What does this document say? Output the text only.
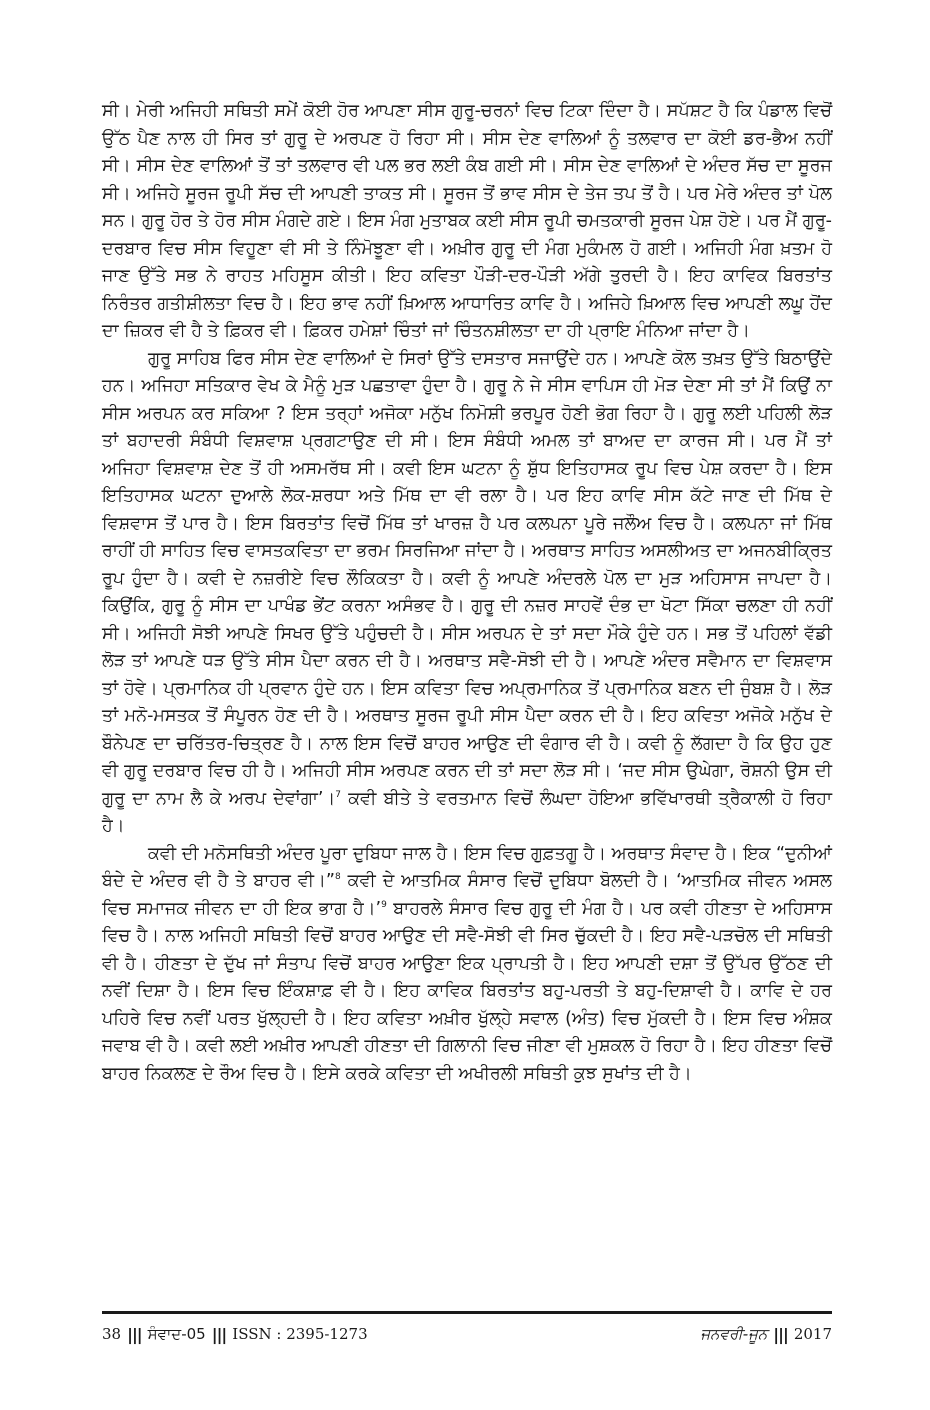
ਸੀ। ਮੇਰੀ ਅਜਿਹੀ ਸਥਿਤੀ ਸਮੇਂ ਕੋਈ ਹੋਰ ਆਪਣਾ ਸੀਸ ਗੁਰੂ-ਚਰਨਾਂ ਵਿਚ ਟਿਕਾ ਦਿੰਦਾ ਹੈ। ਸਪੱਸ਼ਟ ਹੈ ਕਿ ਪੰਡਾਲ ਵਿਚੋਂ ਉੱਠ ਪੈਣ ਨਾਲ ਹੀ ਸਿਰ ਤਾਂ ਗੁਰੂ ਦੇ ਅਰਪਣ ਹੋ ਰਿਹਾ ਸੀ। ਸੀਸ ਦੇਣ ਵਾਲਿਆਂ ਨੂੰ ਤਲਵਾਰ ਦਾ ਕੋਈ ਡਰ-ਭੈਅ ਨਹੀਂ ਸੀ। ਸੀਸ ਦੇਣ ਵਾਲਿਆਂ ਤੋਂ ਤਾਂ ਤਲਵਾਰ ਵੀ ਪਲ ਭਰ ਲਈ ਕੰਬ ਗਈ ਸੀ। ਸੀਸ ਦੇਣ ਵਾਲਿਆਂ ਦੇ ਅੰਦਰ ਸੱਚ ਦਾ ਸੂਰਜ ਸੀ। ਅਜਿਹੇ ਸੂਰਜ ਰੂਪੀ ਸੱਚ ਦੀ ਆਪਣੀ ਤਾਕਤ ਸੀ। ਸੂਰਜ ਤੋਂ ਭਾਵ ਸੀਸ ਦੇ ਤੇਜ ਤਪ ਤੋਂ ਹੈ। ਪਰ ਮੇਰੇ ਅੰਦਰ ਤਾਂ ਪੋਲ ਸਨ। ਗੁਰੂ ਹੋਰ ਤੇ ਹੋਰ ਸੀਸ ਮੰਗਦੇ ਗਏ। ਇਸ ਮੰਗ ਮੁਤਾਬਕ ਕਈ ਸੀਸ ਰੂਪੀ ਚਮਤਕਾਰੀ ਸੂਰਜ ਪੇਸ਼ ਹੋਏ। ਪਰ ਮੈਂ ਗੁਰੂ-ਦਰਬਾਰ ਵਿਚ ਸੀਸ ਵਿਹੂਣਾ ਵੀ ਸੀ ਤੇ ਨਿੰਮੋਝੂਣਾ ਵੀ। ਅਖ਼ੀਰ ਗੁਰੂ ਦੀ ਮੰਗ ਮੁਕੰਮਲ ਹੋ ਗਈ। ਅਜਿਹੀ ਮੰਗ ਖ਼ਤਮ ਹੋ ਜਾਣ ਉੱਤੇ ਸਭ ਨੇ ਰਾਹਤ ਮਹਿਸੂਸ ਕੀਤੀ। ਇਹ ਕਵਿਤਾ ਪੌੜੀ-ਦਰ-ਪੌੜੀ ਅੱਗੇ ਤੁਰਦੀ ਹੈ। ਇਹ ਕਾਵਿਕ ਬਿਰਤਾਂਤ ਨਿਰੰਤਰ ਗਤੀਸ਼ੀਲਤਾ ਵਿਚ ਹੈ। ਇਹ ਭਾਵ ਨਹੀਂ ਖ਼ਿਆਲ ਆਧਾਰਿਤ ਕਾਵਿ ਹੈ। ਅਜਿਹੇ ਖ਼ਿਆਲ ਵਿਚ ਆਪਣੀ ਲਘੂ ਹੋਂਦ ਦਾ ਜ਼ਿਕਰ ਵੀ ਹੈ ਤੇ ਫ਼ਿਕਰ ਵੀ। ਫ਼ਿਕਰ ਹਮੇਸ਼ਾਂ ਚਿੰਤਾਂ ਜਾਂ ਚਿੰਤਨਸ਼ੀਲਤਾ ਦਾ ਹੀ ਪ੍ਰਾਇ ਮੰਨਿਆ ਜਾਂਦਾ ਹੈ।

ਗੁਰੂ ਸਾਹਿਬ ਫਿਰ ਸੀਸ ਦੇਣ ਵਾਲਿਆਂ ਦੇ ਸਿਰਾਂ ਉੱਤੇ ਦਸਤਾਰ ਸਜਾਉਂਦੇ ਹਨ। ਆਪਣੇ ਕੋਲ ਤਖ਼ਤ ਉੱਤੇ ਬਿਠਾਉਂਦੇ ਹਨ। ਅਜਿਹਾ ਸਤਿਕਾਰ ਵੇਖ ਕੇ ਮੈਨੂੰ ਮੁੜ ਪਛਤਾਵਾ ਹੁੰਦਾ ਹੈ। ਗੁਰੂ ਨੇ ਜੇ ਸੀਸ ਵਾਪਿਸ ਹੀ ਮੋੜ ਦੇਣਾ ਸੀ ਤਾਂ ਮੈਂ ਕਿਉਂ ਨਾ ਸੀਸ ਅਰਪਨ ਕਰ ਸਕਿਆ ? ਇਸ ਤਰ੍ਹਾਂ ਅਜੋਕਾ ਮਨੁੱਖ ਨਿਮੋਸ਼ੀ ਭਰਪੂਰ ਹੋਣੀ ਭੋਗ ਰਿਹਾ ਹੈ। ਗੁਰੂ ਲਈ ਪਹਿਲੀ ਲੋੜ ਤਾਂ ਬਹਾਦਰੀ ਸੰਬੰਧੀ ਵਿਸ਼ਵਾਸ਼ ਪ੍ਰਗਟਾਉਣ ਦੀ ਸੀ। ਇਸ ਸੰਬੰਧੀ ਅਮਲ ਤਾਂ ਬਾਅਦ ਦਾ ਕਾਰਜ ਸੀ। ਪਰ ਮੈਂ ਤਾਂ ਅਜਿਹਾ ਵਿਸ਼ਵਾਸ਼ ਦੇਣ ਤੋਂ ਹੀ ਅਸਮਰੱਥ ਸੀ। ਕਵੀ ਇਸ ਘਟਨਾ ਨੂੰ ਸ਼ੁੱਧ ਇਤਿਹਾਸਕ ਰੂਪ ਵਿਚ ਪੇਸ਼ ਕਰਦਾ ਹੈ। ਇਸ ਇਤਿਹਾਸਕ ਘਟਨਾ ਦੁਆਲੇ ਲੋਕ-ਸ਼ਰਧਾ ਅਤੇ ਮਿੱਥ ਦਾ ਵੀ ਰਲਾ ਹੈ। ਪਰ ਇਹ ਕਾਵਿ ਸੀਸ ਕੱਟੇ ਜਾਣ ਦੀ ਮਿੱਥ ਦੇ ਵਿਸ਼ਵਾਸ ਤੋਂ ਪਾਰ ਹੈ। ਇਸ ਬਿਰਤਾਂਤ ਵਿਚੋਂ ਮਿੱਥ ਤਾਂ ਖਾਰਜ਼ ਹੈ ਪਰ ਕਲਪਨਾ ਪੂਰੇ ਜਲੌਅ ਵਿਚ ਹੈ। ਕਲਪਨਾ ਜਾਂ ਮਿੱਥ ਰਾਹੀਂ ਹੀ ਸਾਹਿਤ ਵਿਚ ਵਾਸਤਕਵਿਤਾ ਦਾ ਭਰਮ ਸਿਰਜਿਆ ਜਾਂਦਾ ਹੈ। ਅਰਥਾਤ ਸਾਹਿਤ ਅਸਲੀਅਤ ਦਾ ਅਜਨਬੀਕ੍ਰਿਤ ਰੂਪ ਹੁੰਦਾ ਹੈ। ਕਵੀ ਦੇ ਨਜ਼ਰੀਏ ਵਿਚ ਲੌਕਿਕਤਾ ਹੈ। ਕਵੀ ਨੂੰ ਆਪਣੇ ਅੰਦਰਲੇ ਪੋਲ ਦਾ ਮੁੜ ਅਹਿਸਾਸ ਜਾਪਦਾ ਹੈ। ਕਿਉਂਕਿ, ਗੁਰੂ ਨੂੰ ਸੀਸ ਦਾ ਪਾਖੰਡ ਭੇਂਟ ਕਰਨਾ ਅਸੰਭਵ ਹੈ। ਗੁਰੂ ਦੀ ਨਜ਼ਰ ਸਾਹਵੇਂ ਦੰਭ ਦਾ ਖੋਟਾ ਸਿੱਕਾ ਚਲਣਾ ਹੀ ਨਹੀਂ ਸੀ। ਅਜਿਹੀ ਸੋਝੀ ਆਪਣੇ ਸਿਖਰ ਉੱਤੇ ਪਹੁੰਚਦੀ ਹੈ। ਸੀਸ ਅਰਪਨ ਦੇ ਤਾਂ ਸਦਾ ਮੌਕੇ ਹੁੰਦੇ ਹਨ। ਸਭ ਤੋਂ ਪਹਿਲਾਂ ਵੱਡੀ ਲੋੜ ਤਾਂ ਆਪਣੇ ਧੜ ਉੱਤੇ ਸੀਸ ਪੈਦਾ ਕਰਨ ਦੀ ਹੈ। ਅਰਥਾਤ ਸਵੈ-ਸੋਝੀ ਦੀ ਹੈ। ਆਪਣੇ ਅੰਦਰ ਸਵੈਮਾਨ ਦਾ ਵਿਸ਼ਵਾਸ ਤਾਂ ਹੋਵੇ। ਪ੍ਰਮਾਨਿਕ ਹੀ ਪ੍ਰਵਾਨ ਹੁੰਦੇ ਹਨ। ਇਸ ਕਵਿਤਾ ਵਿਚ ਅਪ੍ਰਮਾਨਿਕ ਤੋਂ ਪ੍ਰਮਾਨਿਕ ਬਣਨ ਦੀ ਜੁੰਬਸ਼ ਹੈ। ਲੋੜ ਤਾਂ ਮਨੋ-ਮਸਤਕ ਤੋਂ ਸੰਪੂਰਨ ਹੋਣ ਦੀ ਹੈ। ਅਰਥਾਤ ਸੂਰਜ ਰੂਪੀ ਸੀਸ ਪੈਦਾ ਕਰਨ ਦੀ ਹੈ। ਇਹ ਕਵਿਤਾ ਅਜੋਕੇ ਮਨੁੱਖ ਦੇ ਬੌਨੇਪਣ ਦਾ ਚਰਿੱਤਰ-ਚਿਤ੍ਰਣ ਹੈ। ਨਾਲ ਇਸ ਵਿਚੋਂ ਬਾਹਰ ਆਉਣ ਦੀ ਵੰਗਾਰ ਵੀ ਹੈ। ਕਵੀ ਨੂੰ ਲੱਗਦਾ ਹੈ ਕਿ ਉਹ ਹੁਣ ਵੀ ਗੁਰੂ ਦਰਬਾਰ ਵਿਚ ਹੀ ਹੈ। ਅਜਿਹੀ ਸੀਸ ਅਰਪਣ ਕਰਨ ਦੀ ਤਾਂ ਸਦਾ ਲੋੜ ਸੀ। ‘ਜਦ ਸੀਸ ਉਘੇਗਾ, ਰੋਸ਼ਨੀ ਉਸ ਦੀ ਗੁਰੂ ਦਾ ਨਾਮ ਲੈ ਕੇ ਅਰਪ ਦੇਵਾਂਗਾ’।$^7$ ਕਵੀ ਬੀਤੇ ਤੇ ਵਰਤਮਾਨ ਵਿਚੋਂ ਲੰਘਦਾ ਹੋਇਆ ਭਵਿੱਖਾਰਥੀ ਤ੍ਰੈਕਾਲੀ ਹੋ ਰਿਹਾ ਹੈ।

ਕਵੀ ਦੀ ਮਨੋਸਥਿਤੀ ਅੰਦਰ ਪੂਰਾ ਦੁਬਿਧਾ ਜਾਲ ਹੈ। ਇਸ ਵਿਚ ਗੁਫ਼ਤਗੂ ਹੈ। ਅਰਥਾਤ ਸੰਵਾਦ ਹੈ। ਇਕ “ਦੁਨੀਆਂ ਬੰਦੇ ਦੇ ਅੰਦਰ ਵੀ ਹੈ ਤੇ ਬਾਹਰ ਵੀ।”$^8$ ਕਵੀ ਦੇ ਆਤਮਿਕ ਸੰਸਾਰ ਵਿਚੋਂ ਦੁਬਿਧਾ ਬੋਲਦੀ ਹੈ। ‘ਆਤਮਿਕ ਜੀਵਨ ਅਸਲ ਵਿਚ ਸਮਾਜਕ ਜੀਵਨ ਦਾ ਹੀ ਇਕ ਭਾਗ ਹੈ।’$^9$ ਬਾਹਰਲੇ ਸੰਸਾਰ ਵਿਚ ਗੁਰੂ ਦੀ ਮੰਗ ਹੈ। ਪਰ ਕਵੀ ਹੀਣਤਾ ਦੇ ਅਹਿਸਾਸ ਵਿਚ ਹੈ। ਨਾਲ ਅਜਿਹੀ ਸਥਿਤੀ ਵਿਚੋਂ ਬਾਹਰ ਆਉਣ ਦੀ ਸਵੈ-ਸੋਝੀ ਵੀ ਸਿਰ ਚੁੱਕਦੀ ਹੈ। ਇਹ ਸਵੈ-ਪੜਚੋਲ ਦੀ ਸਥਿਤੀ ਵੀ ਹੈ। ਹੀਣਤਾ ਦੇ ਦੁੱਖ ਜਾਂ ਸੰਤਾਪ ਵਿਚੋਂ ਬਾਹਰ ਆਉਣਾ ਇਕ ਪ੍ਰਾਪਤੀ ਹੈ। ਇਹ ਆਪਣੀ ਦਸ਼ਾ ਤੋਂ ਉੱਪਰ ਉੱਠਣ ਦੀ ਨਵੀਂ ਦਿਸ਼ਾ ਹੈ। ਇਸ ਵਿਚ ਇੰਕਸ਼ਾਫ਼ ਵੀ ਹੈ। ਇਹ ਕਾਵਿਕ ਬਿਰਤਾਂਤ ਬਹੁ-ਪਰਤੀ ਤੇ ਬਹੁ-ਦਿਸ਼ਾਵੀ ਹੈ। ਕਾਵਿ ਦੇ ਹਰ ਪਹਿਰੇ ਵਿਚ ਨਵੀਂ ਪਰਤ ਖੁੱਲ੍ਹਦੀ ਹੈ। ਇਹ ਕਵਿਤਾ ਅਖ਼ੀਰ ਖੁੱਲ੍ਹੇ ਸਵਾਲ (ਅੰਤ) ਵਿਚ ਮੁੱਕਦੀ ਹੈ। ਇਸ ਵਿਚ ਅੰਸ਼ਕ ਜਵਾਬ ਵੀ ਹੈ। ਕਵੀ ਲਈ ਅਖ਼ੀਰ ਆਪਣੀ ਹੀਣਤਾ ਦੀ ਗਿਲਾਨੀ ਵਿਚ ਜੀਣਾ ਵੀ ਮੁਸ਼ਕਲ ਹੋ ਰਿਹਾ ਹੈ। ਇਹ ਹੀਣਤਾ ਵਿਚੋਂ ਬਾਹਰ ਨਿਕਲਣ ਦੇ ਰੌਅ ਵਿਚ ਹੈ। ਇਸੇ ਕਰਕੇ ਕਵਿਤਾ ਦੀ ਅਖੀਰਲੀ ਸਥਿਤੀ ਕੁਝ ਸੁਖਾਂਤ ਦੀ ਹੈ।

38 ||| ਸੰਵਾਦ-05 ||| ISSN : 2395-1273	ਜਨਵਰੀ-ਜੂਨ ||| 2017
